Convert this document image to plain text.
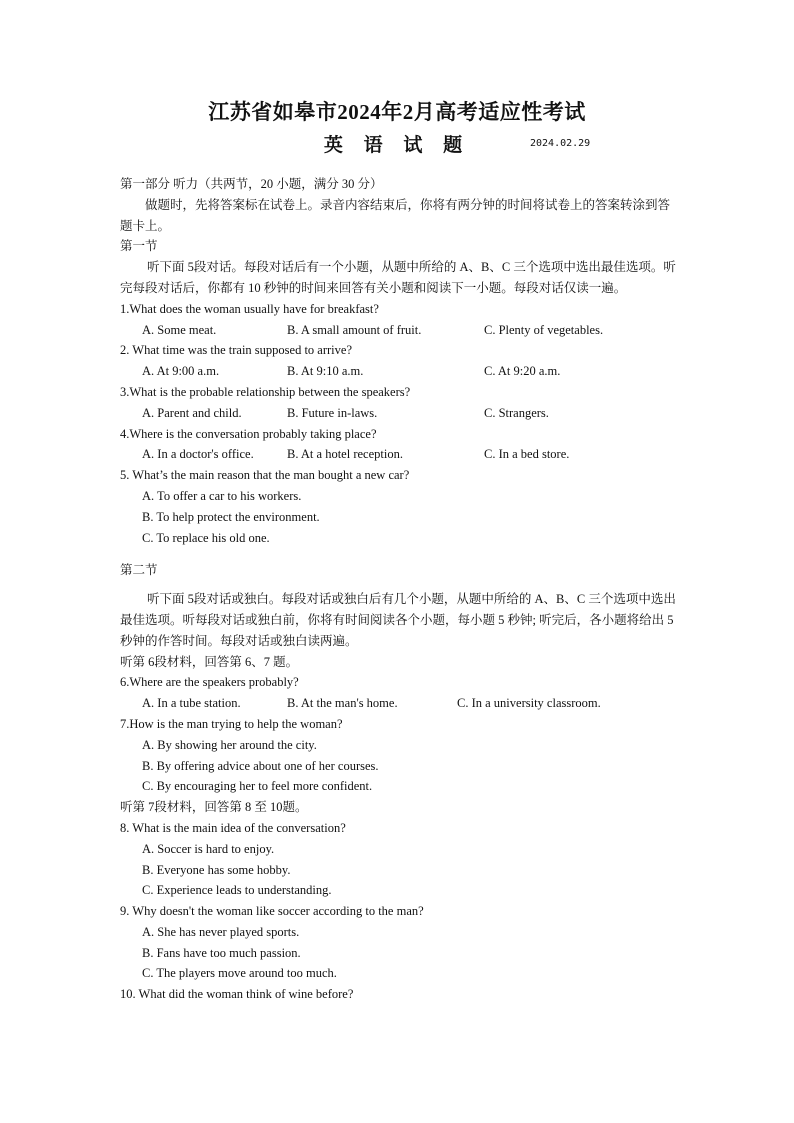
江苏省如皋市2024年2月高考适应性考试
英 语 试 题	2024.02.29
第一部分 听力（共两节，20 小题，满分 30 分）
做题时，先将答案标在试卷上。录音内容结束后，你将有两分钟的时间将试卷上的答案转涂到答题卡上。
第一节
听下面 5段对话。每段对话后有一个小题，从题中所给的 A、B、C 三个选项中选出最佳选项。听完每段对话后，你都有 10 秒钟的时间来回答有关小题和阅读下一小题。每段对话仅读一遍。
1.What does the woman usually have for breakfast?
A. Some meat.	B. A small amount of fruit.	C. Plenty of vegetables.
2. What time was the train supposed to arrive?
A. At 9:00 a.m.	B. At 9:10 a.m.	C. At 9:20 a.m.
3.What is the probable relationship between the speakers?
A. Parent and child.	B. Future in-laws.	C. Strangers.
4.Where is the conversation probably taking place?
A. In a doctor's office.	B. At a hotel reception.	C. In a bed store.
5. What’s the main reason that the man bought a new car?
A. To offer a car to his workers.
B. To help protect the environment.
C. To replace his old one.
第二节
听下面 5段对话或独白。每段对话或独白后有几个小题，从题中所给的 A、B、C 三个选项中选出最佳选项。听每段对话或独白前，你将有时间阅读各个小题，每小题 5 秒钟; 听完后，各小题将给出 5秒钟的作答时间。每段对话或独白读两遍。
听第 6段材料，回答第 6、7 题。
6.Where are the speakers probably?
A. In a tube station.	B. At the man's home.	C. In a university classroom.
7.How is the man trying to help the woman?
A. By showing her around the city.
B. By offering advice about one of her courses.
C. By encouraging her to feel more confident.
听第 7段材料，回答第 8 至 10题。
8. What is the main idea of the conversation?
A. Soccer is hard to enjoy.
B. Everyone has some hobby.
C. Experience leads to understanding.
9. Why doesn't the woman like soccer according to the man?
A. She has never played sports.
B. Fans have too much passion.
C. The players move around too much.
10. What did the woman think of wine before?
